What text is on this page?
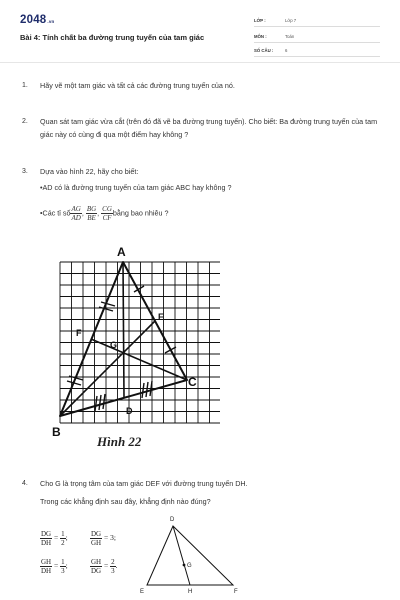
2048.vn
Bài 4: Tính chất ba đường trung tuyến của tam giác
LỚP :	Lớp 7
MÔN :	Toán
SỐ CÂU :	6
1. Hãy vẽ một tam giác và tất cả các đường trung tuyến của nó.
2. Quan sát tam giác vừa cắt (trên đó đã vẽ ba đường trung tuyến). Cho biết: Ba đường trung tuyến của tam giác này có cùng đi qua một điểm hay không ?
3. Dựa vào hình 22, hãy cho biết:
•AD có là đường trung tuyến của tam giác ABC hay không ?
•Các tỉ số $\frac{AG}{AD}$ , $\frac{BG}{BE}$ , $\frac{CG}{CF}$ bằng bao nhiêu ?
A
B
C
D
E
F
G
Hình 22
4. Cho G là trọng tâm của tam giác DEF với đường trung tuyến DH.
Trong các khẳng định sau đây, khẳng định nào đúng?
$\frac{DG}{DH} = \frac{1}{2}$ ;	$\frac{DG}{GH} = 3$;
$\frac{GH}{DH} = \frac{1}{3}$ ;	$\frac{GH}{DG} = \frac{2}{3}$ .
D
E	F
G
H
